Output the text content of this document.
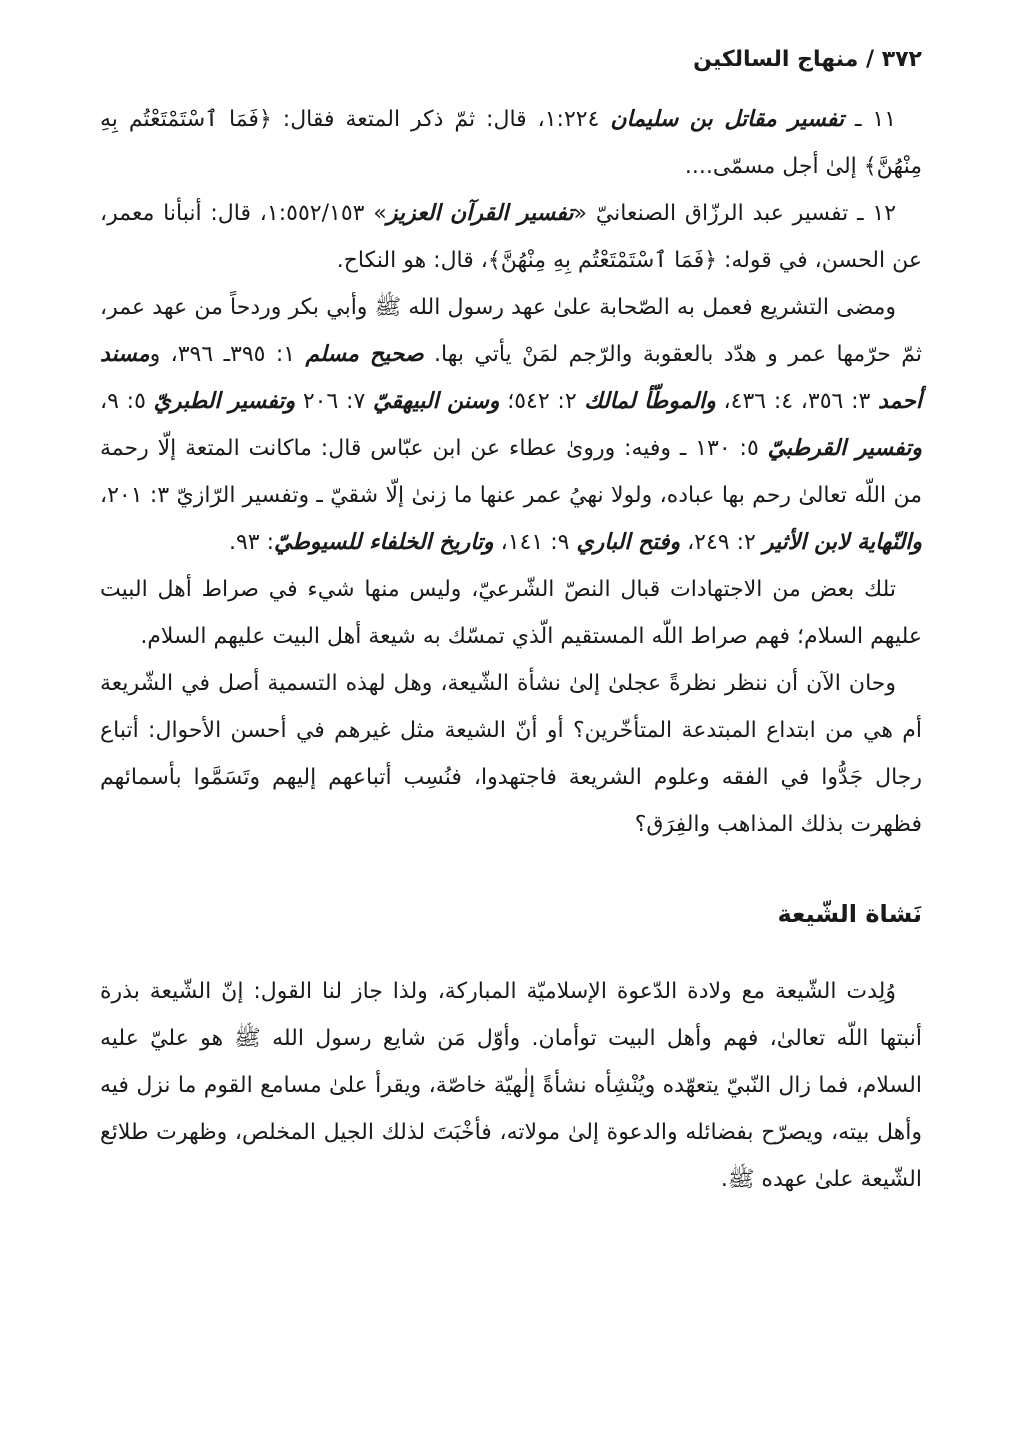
٣٧٢ / منهاج السالكين

١١ ـ تفسير مقاتل بن سليمان ١:٢٢٤، قال: ثمّ ذكر المتعة فقال: ﴿فَمَا ٱسْتَمْتَعْتُم بِهِ مِنْهُنَّ﴾ إلىٰ أجل مسمّى....

١٢ ـ تفسير عبد الرزّاق الصنعانيّ «تفسير القرآن العزيز» ١:٥٥٢/١٥٣، قال: أنبأنا معمر، عن الحسن، في قوله: ﴿فَمَا ٱسْتَمْتَعْتُم بِهِ مِنْهُنَّ﴾، قال: هو النكاح.

ومضى التشريع فعمل به الصّحابة علىٰ عهد رسول الله ﷺ وأبي بكر وردحاً من عهد عمر، ثمّ حرّمها عمر و هدّد بالعقوبة والرّجم لمَنْ يأتي بها. صحيح مسلم ١: ٣٩٥ـ ٣٩٦، ومسند أحمد ٣: ٣٥٦، ٤: ٤٣٦، والموطّأ لمالك ٢: ٥٤٢؛ وسنن البيهقيّ ٧: ٢٠٦ وتفسير الطبريّ ٥: ٩، وتفسير القرطبيّ ٥: ١٣٠ ـ وفيه: وروىٰ عطاء عن ابن عبّاس قال: ماكانت المتعة إلّا رحمة من اللّه تعالىٰ رحم بها عباده، ولولا نهيُ عمر عنها ما زنىٰ إلّا شقيّ ـ وتفسير الرّازيّ ٣: ٢٠١، والنّهاية لابن الأثير ٢: ٢٤٩، وفتح الباري ٩: ١٤١، وتاريخ الخلفاء للسيوطيّ: ٩٣.

تلك بعض من الاجتهادات قبال النصّ الشّرعيّ، وليس منها شيء في صراط أهل البيت عليهم السلام؛ فهم صراط اللّه المستقيم الّذي تمسّك به شيعة أهل البيت عليهم السلام.

وحان الآن أن ننظر نظرةً عجلىٰ إلىٰ نشأة الشّيعة، وهل لهذه التسمية أصل في الشّريعة أم هي من ابتداع المبتدعة المتأخّرين؟ أو أنّ الشيعة مثل غيرهم في أحسن الأحوال: أتباع رجال جَدُّوا في الفقه وعلوم الشريعة فاجتهدوا، فنُسِب أتباعهم إليهم وتَسَمَّوا بأسمائهم فظهرت بذلك المذاهب والفِرَق؟

نَشاة الشّيعة

وُلِدت الشّيعة مع ولادة الدّعوة الإسلاميّة المباركة، ولذا جاز لنا القول: إنّ الشّيعة بذرة أنبتها اللّه تعالىٰ، فهم وأهل البيت توأمان. وأوّل مَن شايع رسول الله ﷺ هو عليّ عليه السلام، فما زال النّبيّ يتعهّده ويُنْشِأه نشأةً إلٰهيّة خاصّة، ويقرأ علىٰ مسامع القوم ما نزل فيه وأهل بيته، ويصرّح بفضائله والدعوة إلىٰ مولاته، فأخْبَتَ لذلك الجيل المخلص، وظهرت طلائع الشّيعة علىٰ عهده ﷺ.
